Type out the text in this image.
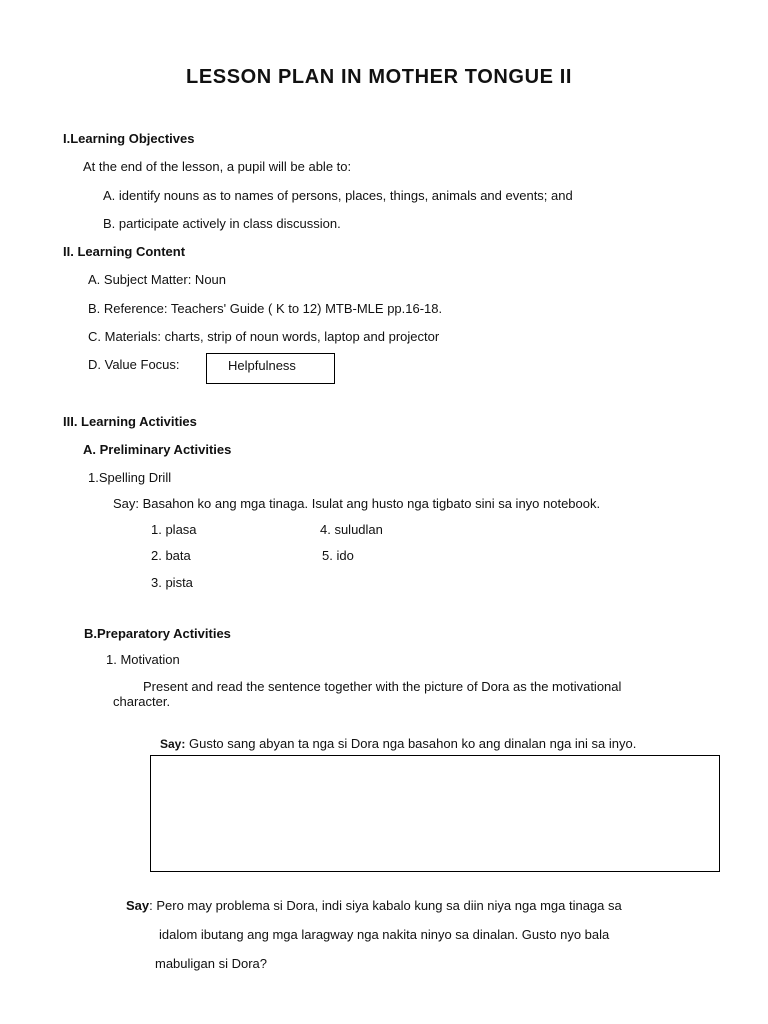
LESSON PLAN IN MOTHER TONGUE II
I.Learning Objectives
At the end of the lesson, a pupil will be able to:
A. identify nouns as to names of persons, places, things, animals and events; and
B. participate actively in class discussion.
II. Learning Content
A. Subject Matter: Noun
B. Reference: Teachers' Guide ( K to 12) MTB-MLE pp.16-18.
C. Materials: charts, strip of noun words, laptop and projector
D. Value Focus:	Helpfulness
III. Learning Activities
A. Preliminary Activities
1.Spelling Drill
Say: Basahon ko ang mga tinaga. Isulat ang husto nga tigbato sini sa inyo notebook.
1. plasa
2. bata
3. pista
4. suludlan
5. ido
B.Preparatory Activities
1. Motivation
Present and read the sentence together with the picture of Dora as the motivational
character.
Say: Gusto sang abyan ta nga si Dora nga basahon ko ang dinalan nga ini sa inyo.
Say: Pero may problema si Dora, indi siya kabalo kung sa diin niya nga mga tinaga sa
idalom ibutang ang mga laragway nga nakita ninyo sa dinalan. Gusto nyo bala
mabuligan si Dora?
